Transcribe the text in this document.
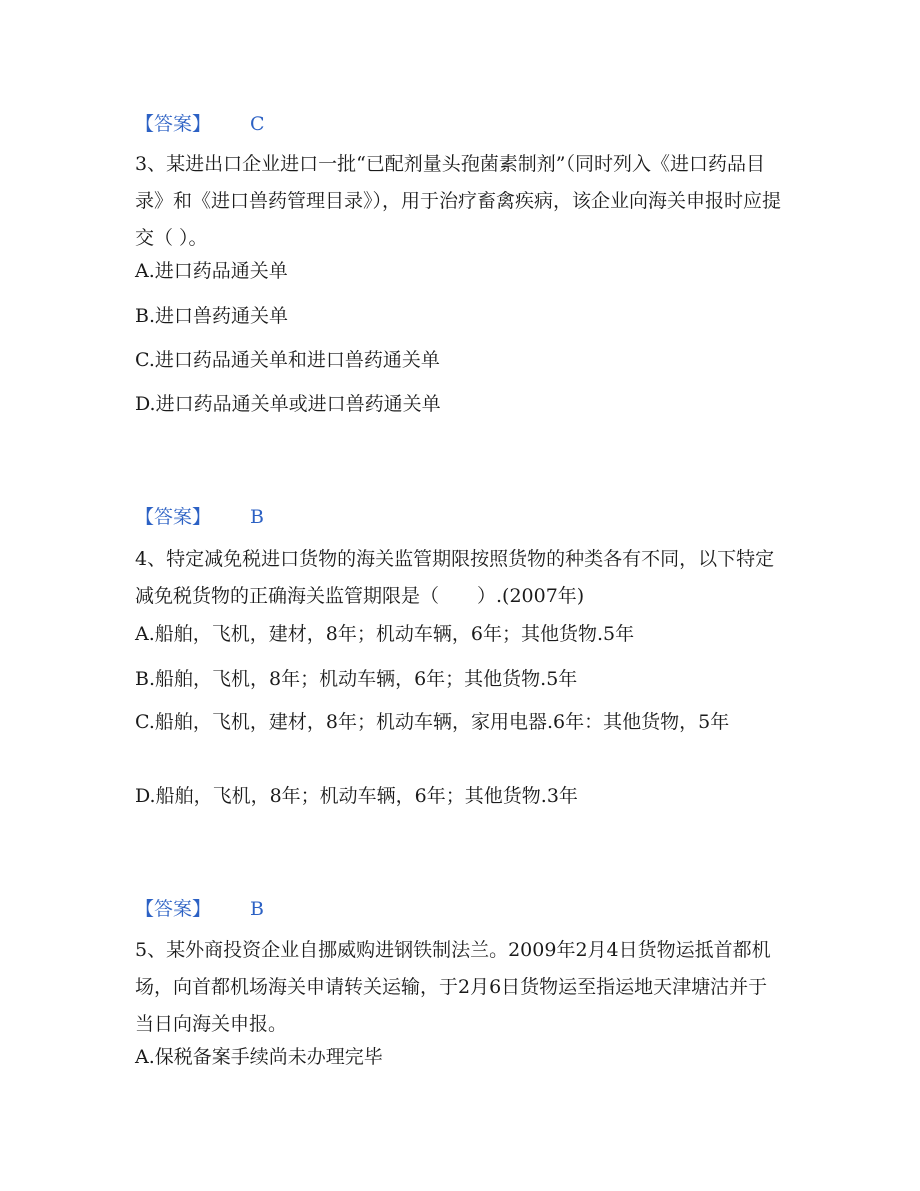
【答案】 C
3、某进出口企业进口一批“已配剂量头孢菌素制剂”（同时列入《进口药品目录》和《进口兽药管理目录》），用于治疗畜禽疾病，该企业向海关申报时应提交（ ）。
A.进口药品通关单
B.进口兽药通关单
C.进口药品通关单和进口兽药通关单
D.进口药品通关单或进口兽药通关单
【答案】 B
4、特定减免税进口货物的海关监管期限按照货物的种类各有不同，以下特定减免税货物的正确海关监管期限是（　　）.(2007年)
A.船舶，飞机，建材，8年；机动车辆，6年；其他货物.5年
B.船舶，飞机，8年；机动车辆，6年；其他货物.5年
C.船舶，飞机，建材，8年；机动车辆，家用电器.6年：其他货物，5年
D.船舶，飞机，8年；机动车辆，6年；其他货物.3年
【答案】 B
5、某外商投资企业自挪威购进钢铁制法兰。2009年2月4日货物运抵首都机场，向首都机场海关申请转关运输，于2月6日货物运至指运地天津塘沽并于当日向海关申报。
A.保税备案手续尚未办理完毕
